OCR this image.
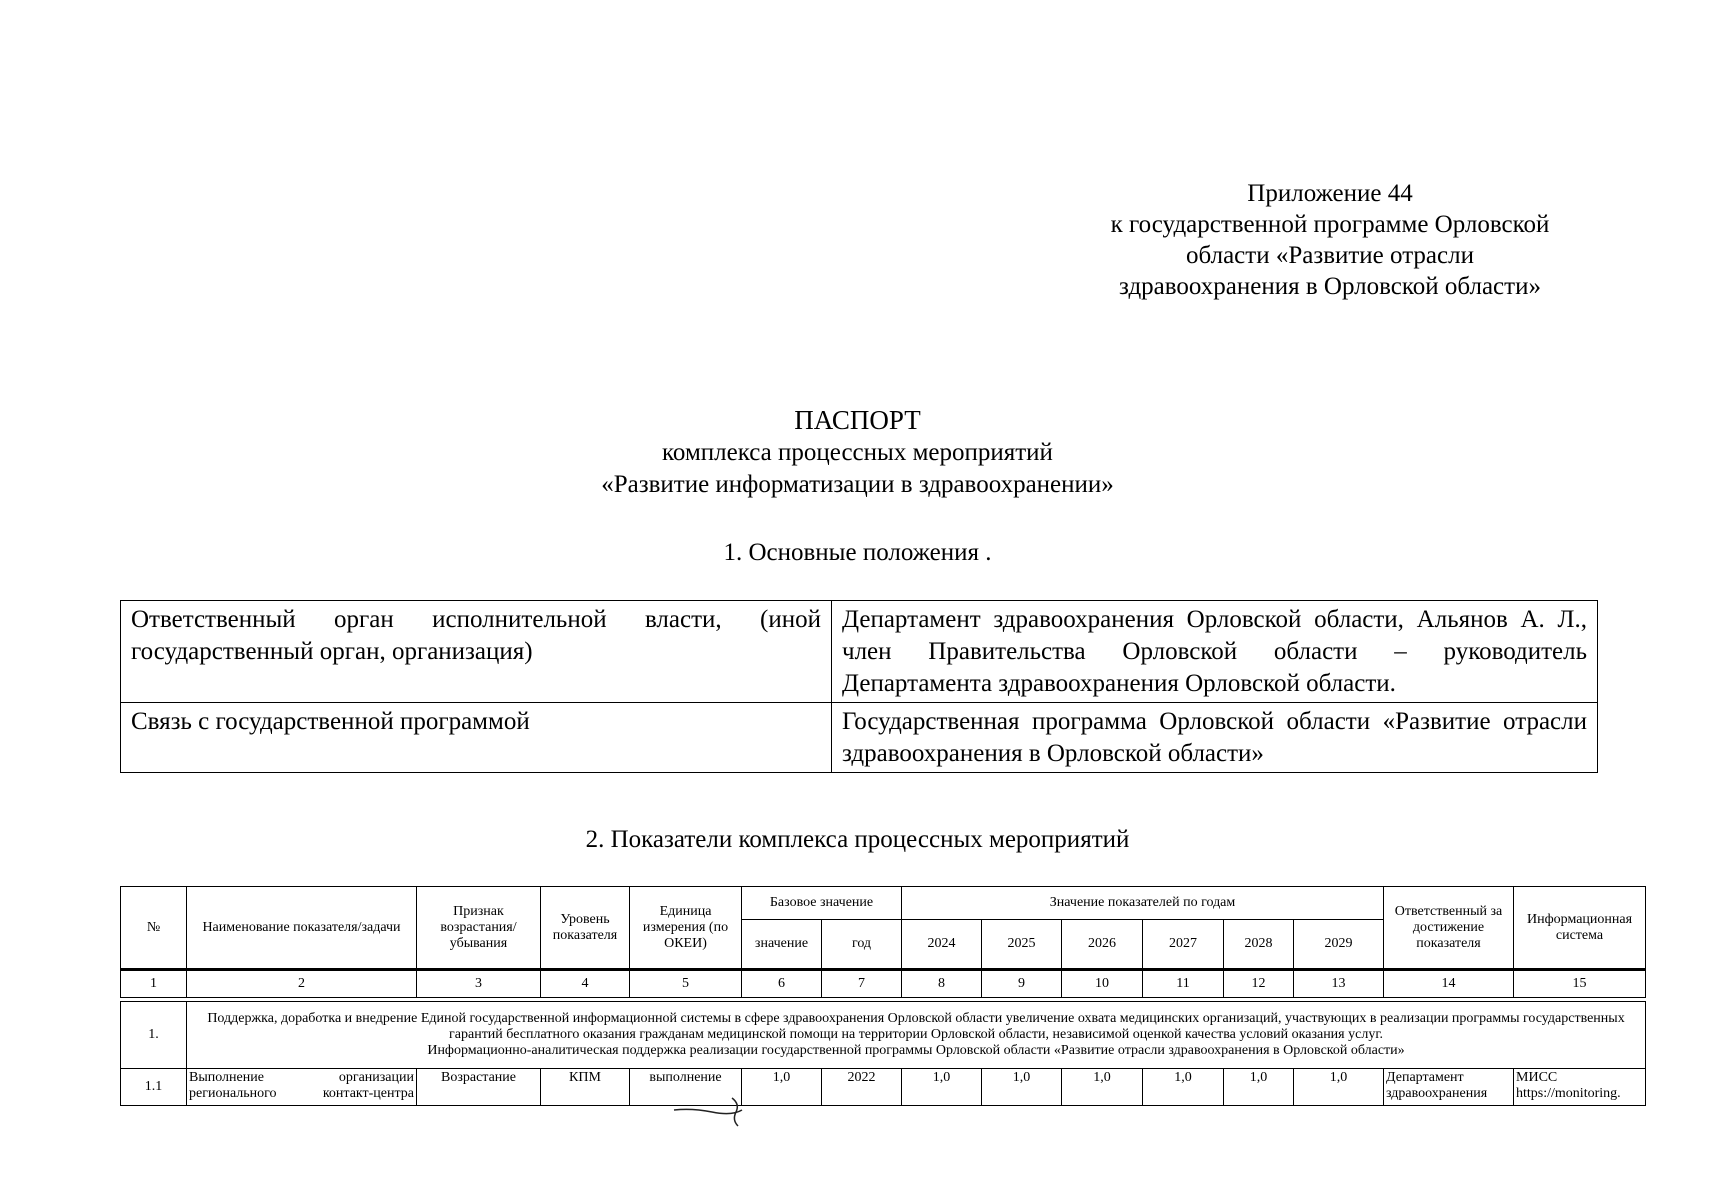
Приложение 44
к государственной программе Орловской
области «Развитие отрасли
здравоохранения в Орловской области»
ПАСПОРТ
комплекса процессных мероприятий
«Развитие информатизации в здравоохранении»
1. Основные положения .
Ответственный орган исполнительной власти, (иной государственный орган, организация)	Департамент здравоохранения Орловской области, Альянов А. Л., член Правительства Орловской области – руководитель Департамента здравоохранения Орловской области.
Связь с государственной программой	Государственная программа Орловской области «Развитие отрасли здравоохранения в Орловской области»
2. Показатели комплекса процессных мероприятий
№	Наименование показателя/задачи	Признак возрастания/ убывания	Уровень показателя	Единица измерения (по ОКЕИ)	Базовое значение		Значение показателей по годам						Ответственный за достижение показателя	Информационная система
					значение	год	2024	2025	2026	2027	2028	2029		
1	2	3	4	5	6	7	8	9	10	11	12	13	14	15

1.	Поддержка, доработка и внедрение Единой государственной информационной системы в сфере здравоохранения Орловской области увеличение охвата медицинских организаций, участвующих в реализации программы государственных гарантий бесплатного оказания гражданам медицинской помощи на территории Орловской области, независимой оценкой качества условий оказания услуг.
Информационно-аналитическая поддержка реализации государственной программы Орловской области «Развитие отрасли здравоохранения в Орловской области»													

1.1	Выполнение организации регионального контакт-центра	Возрастание	КПМ	выполнение	1,0	2022	1,0	1,0	1,0	1,0	1,0	1,0	Департамент здравоохранения	МИСС https://monitoring.
